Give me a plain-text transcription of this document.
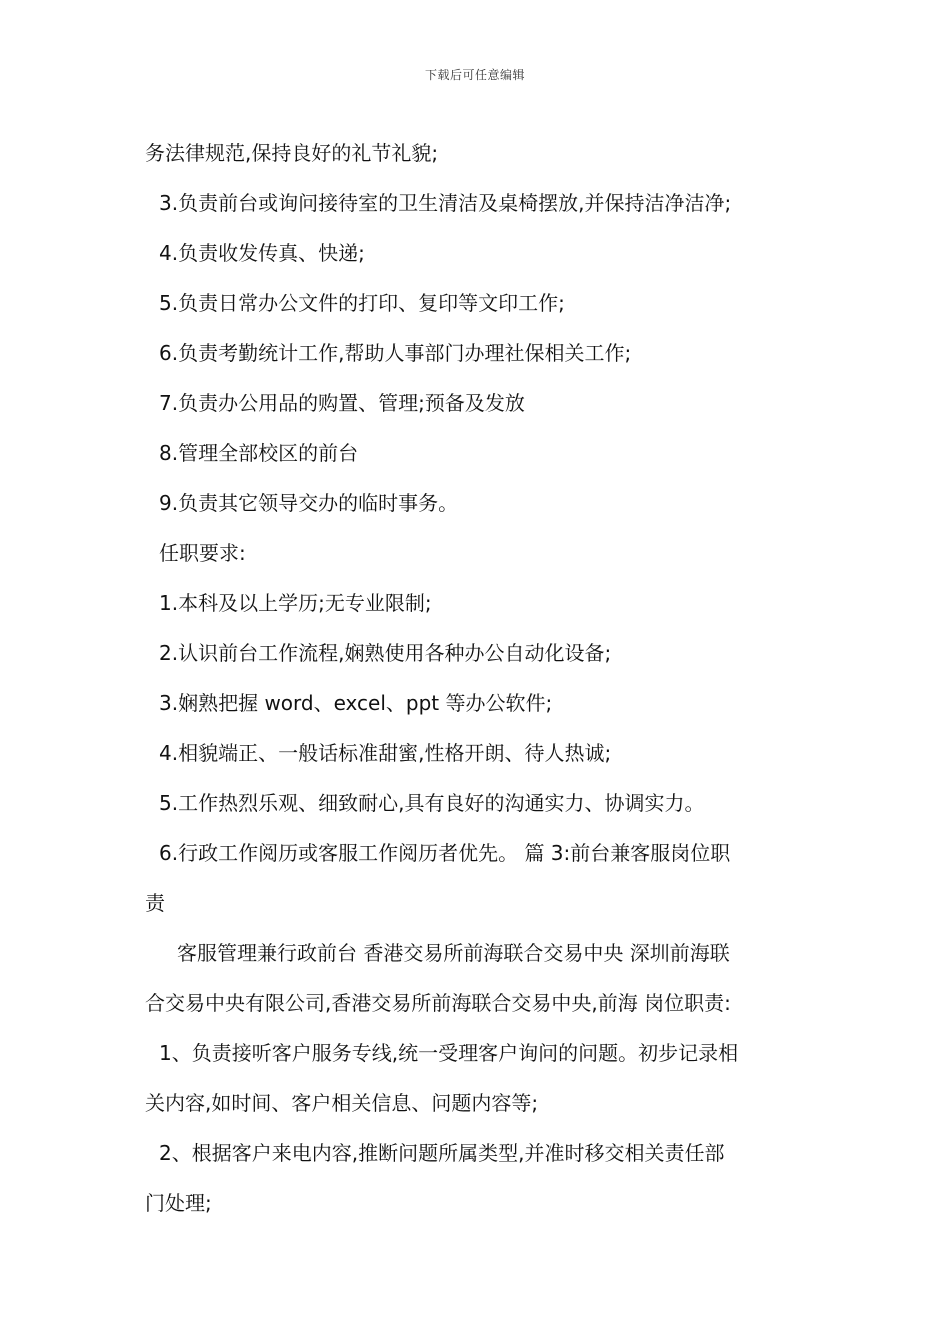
下载后可任意编辑
务法律规范,保持良好的礼节礼貌;
3.负责前台或询问接待室的卫生清洁及桌椅摆放,并保持洁净洁净;
4.负责收发传真、快递;
5.负责日常办公文件的打印、复印等文印工作;
6.负责考勤统计工作,帮助人事部门办理社保相关工作;
7.负责办公用品的购置、管理;预备及发放
8.管理全部校区的前台
9.负责其它领导交办的临时事务。
任职要求:
1.本科及以上学历;无专业限制;
2.认识前台工作流程,娴熟使用各种办公自动化设备;
3.娴熟把握 word、excel、ppt 等办公软件;
4.相貌端正、一般话标准甜蜜,性格开朗、待人热诚;
5.工作热烈乐观、细致耐心,具有良好的沟通实力、协调实力。
6.行政工作阅历或客服工作阅历者优先。 篇 3:前台兼客服岗位职
责
客服管理兼行政前台 香港交易所前海联合交易中央 深圳前海联
合交易中央有限公司,香港交易所前海联合交易中央,前海 岗位职责:
1、负责接听客户服务专线,统一受理客户询问的问题。初步记录相
关内容,如时间、客户相关信息、问题内容等;
2、根据客户来电内容,推断问题所属类型,并准时移交相关责任部
门处理;
